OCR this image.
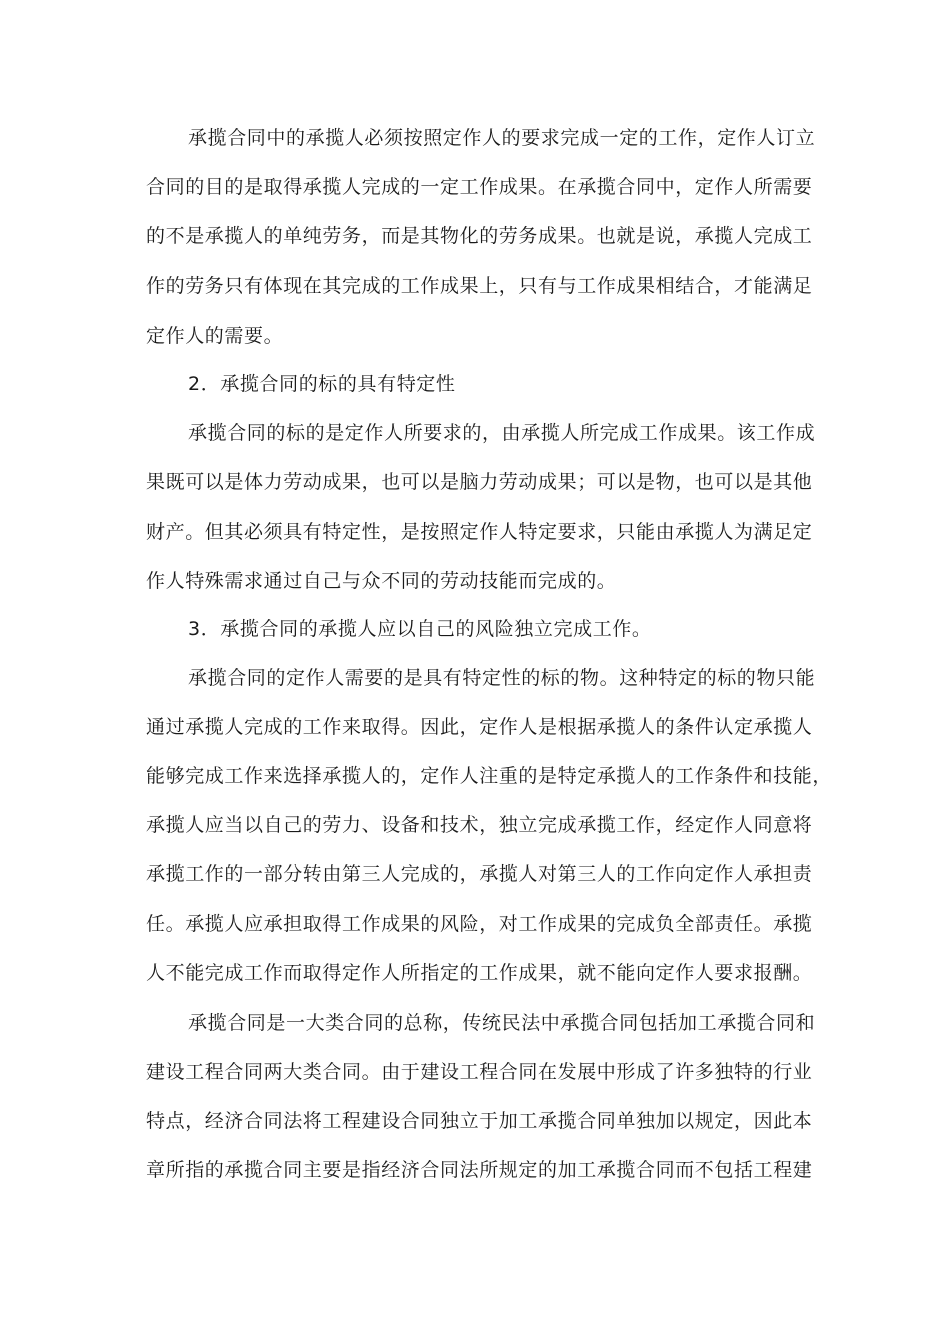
承揽合同中的承揽人必须按照定作人的要求完成一定的工作，定作人订立
合同的目的是取得承揽人完成的一定工作成果。在承揽合同中，定作人所需要
的不是承揽人的单纯劳务，而是其物化的劳务成果。也就是说，承揽人完成工
作的劳务只有体现在其完成的工作成果上，只有与工作成果相结合，才能满足
定作人的需要。
2．承揽合同的标的具有特定性
承揽合同的标的是定作人所要求的，由承揽人所完成工作成果。该工作成
果既可以是体力劳动成果，也可以是脑力劳动成果；可以是物，也可以是其他
财产。但其必须具有特定性，是按照定作人特定要求，只能由承揽人为满足定
作人特殊需求通过自己与众不同的劳动技能而完成的。
3．承揽合同的承揽人应以自己的风险独立完成工作。
承揽合同的定作人需要的是具有特定性的标的物。这种特定的标的物只能
通过承揽人完成的工作来取得。因此，定作人是根据承揽人的条件认定承揽人
能够完成工作来选择承揽人的，定作人注重的是特定承揽人的工作条件和技能，
承揽人应当以自己的劳力、设备和技术，独立完成承揽工作，经定作人同意将
承揽工作的一部分转由第三人完成的，承揽人对第三人的工作向定作人承担责
任。承揽人应承担取得工作成果的风险，对工作成果的完成负全部责任。承揽
人不能完成工作而取得定作人所指定的工作成果，就不能向定作人要求报酬。
承揽合同是一大类合同的总称，传统民法中承揽合同包括加工承揽合同和
建设工程合同两大类合同。由于建设工程合同在发展中形成了许多独特的行业
特点，经济合同法将工程建设合同独立于加工承揽合同单独加以规定，因此本
章所指的承揽合同主要是指经济合同法所规定的加工承揽合同而不包括工程建
